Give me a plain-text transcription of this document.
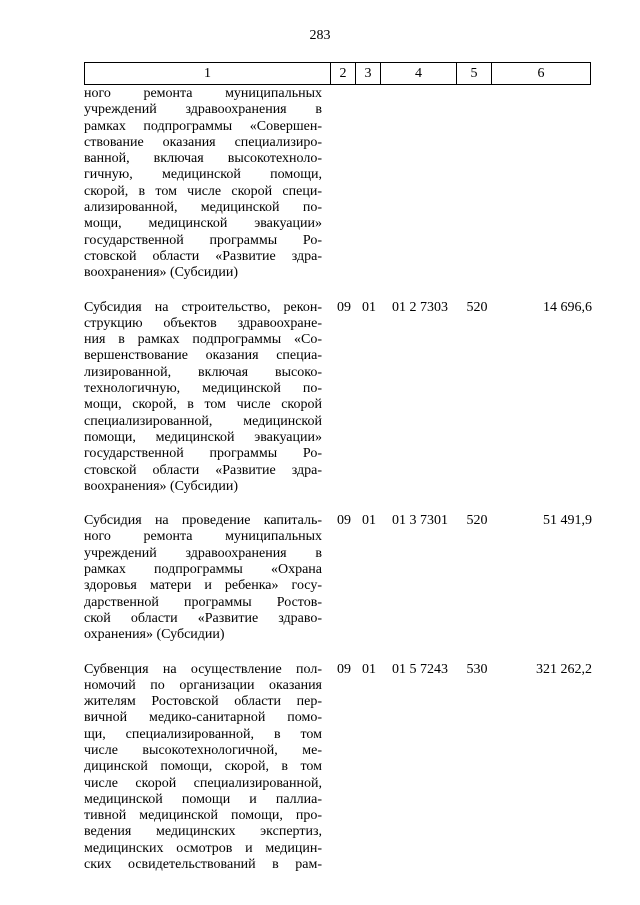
283
1	2	3	4	5	6
ного ремонта муниципальных
учреждений здравоохранения в
рамках подпрограммы «Совершен-
ствование оказания специализиро-
ванной, включая высокотехноло-
гичную, медицинской помощи,
скорой, в том числе скорой специ-
ализированной, медицинской по-
мощи, медицинской эвакуации»
государственной программы Ро-
стовской области «Развитие здра-
воохранения» (Субсидии)
Субсидия на строительство, рекон-
струкцию объектов здравоохране-
ния в рамках подпрограммы «Со-
вершенствование оказания специа-
лизированной, включая высоко-
технологичную, медицинской по-
мощи, скорой, в том числе скорой
специализированной, медицинской
помощи, медицинской эвакуации»
государственной программы Ро-
стовской области «Развитие здра-
воохранения» (Субсидии)
09 01	01 2 7303	520	14 696,6
Субсидия на проведение капиталь-
ного ремонта муниципальных
учреждений здравоохранения в
рамках подпрограммы «Охрана
здоровья матери и ребенка» госу-
дарственной программы Ростов-
ской области «Развитие здраво-
охранения» (Субсидии)
09 01	01 3 7301	520	51 491,9
Субвенция на осуществление пол-
номочий по организации оказания
жителям Ростовской области пер-
вичной медико-санитарной помо-
щи, специализированной, в том
числе высокотехнологичной, ме-
дицинской помощи, скорой, в том
числе скорой специализированной,
медицинской помощи и паллиа-
тивной медицинской помощи, про-
ведения медицинских экспертиз,
медицинских осмотров и медицин-
ских освидетельствований в рам-
09 01	01 5 7243	530	321 262,2
